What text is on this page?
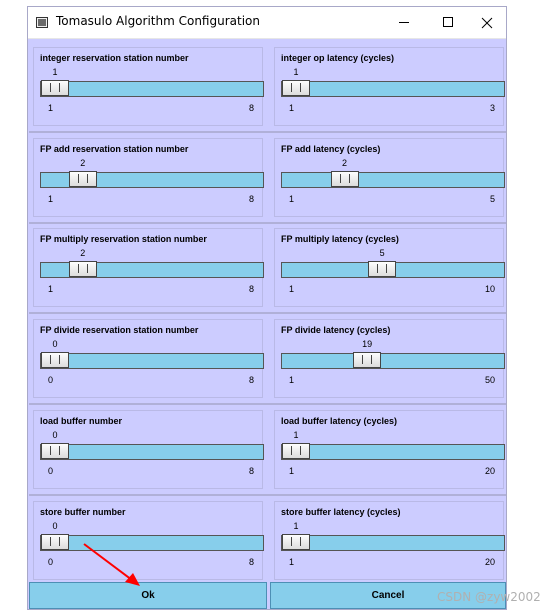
Tomasulo Algorithm Configuration
integer reservation station number
1
1	8
integer op latency (cycles)
1
1	3
FP add reservation station number
2
1	8
FP add latency (cycles)
2
1	5
FP multiply reservation station number
2
1	8
FP multiply latency (cycles)
5
1	10
FP divide reservation station number
0
0	8
FP divide latency (cycles)
19
1	50
load buffer number
0
0	8
load buffer latency (cycles)
1
1	20
store buffer number
0
0	8
store buffer latency (cycles)
1
1	20
Ok	Cancel	CSDN @zyw2002
